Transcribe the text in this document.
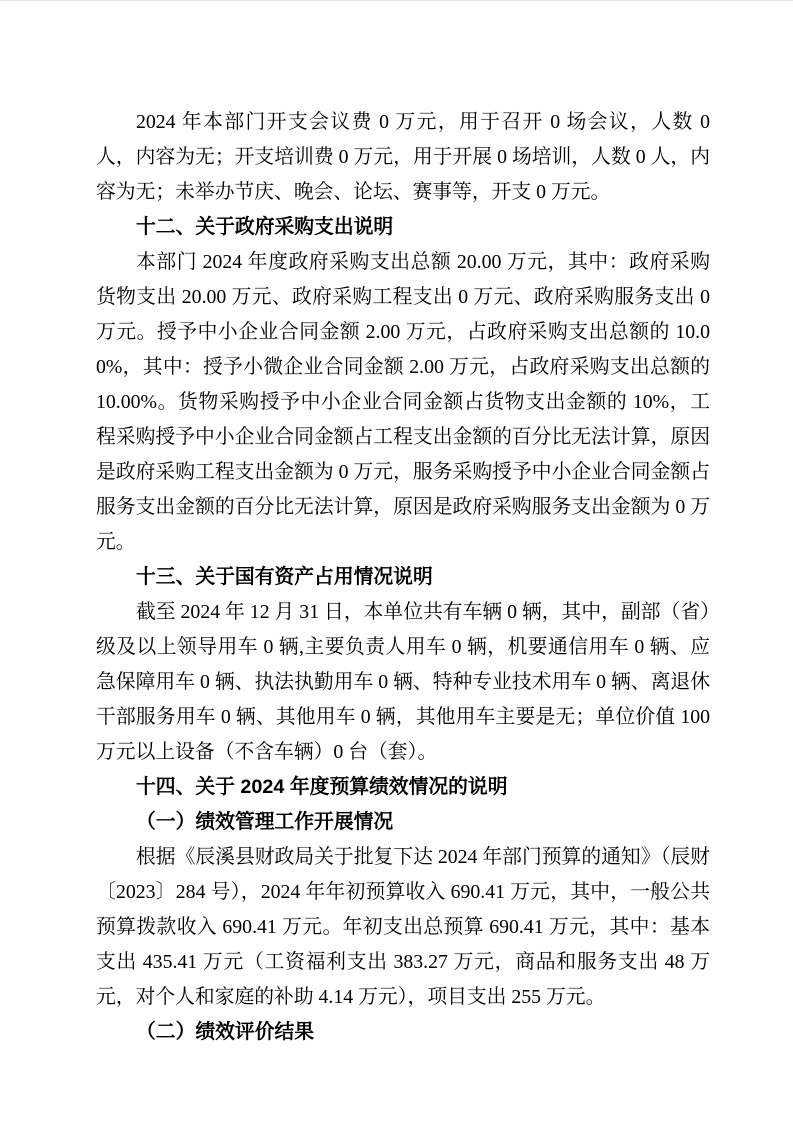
2024 年本部门开支会议费 0 万元，用于召开 0 场会议，人数 0 人，内容为无；开支培训费 0 万元，用于开展 0 场培训，人数 0 人，内容为无；未举办节庆、晚会、论坛、赛事等，开支 0 万元。

十二、关于政府采购支出说明

本部门 2024 年度政府采购支出总额 20.00 万元，其中：政府采购货物支出 20.00 万元、政府采购工程支出 0 万元、政府采购服务支出 0 万元。授予中小企业合同金额 2.00 万元，占政府采购支出总额的 10.00%，其中：授予小微企业合同金额 2.00 万元，占政府采购支出总额的 10.00%。货物采购授予中小企业合同金额占货物支出金额的 10%，工程采购授予中小企业合同金额占工程支出金额的百分比无法计算，原因是政府采购工程支出金额为 0 万元，服务采购授予中小企业合同金额占服务支出金额的百分比无法计算，原因是政府采购服务支出金额为 0 万元。

十三、关于国有资产占用情况说明

截至 2024 年 12 月 31 日，本单位共有车辆 0 辆，其中，副部（省）级及以上领导用车 0 辆,主要负责人用车 0 辆，机要通信用车 0 辆、应急保障用车 0 辆、执法执勤用车 0 辆、特种专业技术用车 0 辆、离退休干部服务用车 0 辆、其他用车 0 辆，其他用车主要是无；单位价值 100 万元以上设备（不含车辆）0 台（套）。

十四、关于 2024 年度预算绩效情况的说明
（一）绩效管理工作开展情况

根据《辰溪县财政局关于批复下达 2024 年部门预算的通知》（辰财〔2023〕284 号），2024 年年初预算收入 690.41 万元，其中，一般公共预算拨款收入 690.41 万元。年初支出总预算 690.41 万元，其中：基本支出 435.41 万元（工资福利支出 383.27 万元，商品和服务支出 48 万元，对个人和家庭的补助 4.14 万元），项目支出 255 万元。

（二）绩效评价结果
